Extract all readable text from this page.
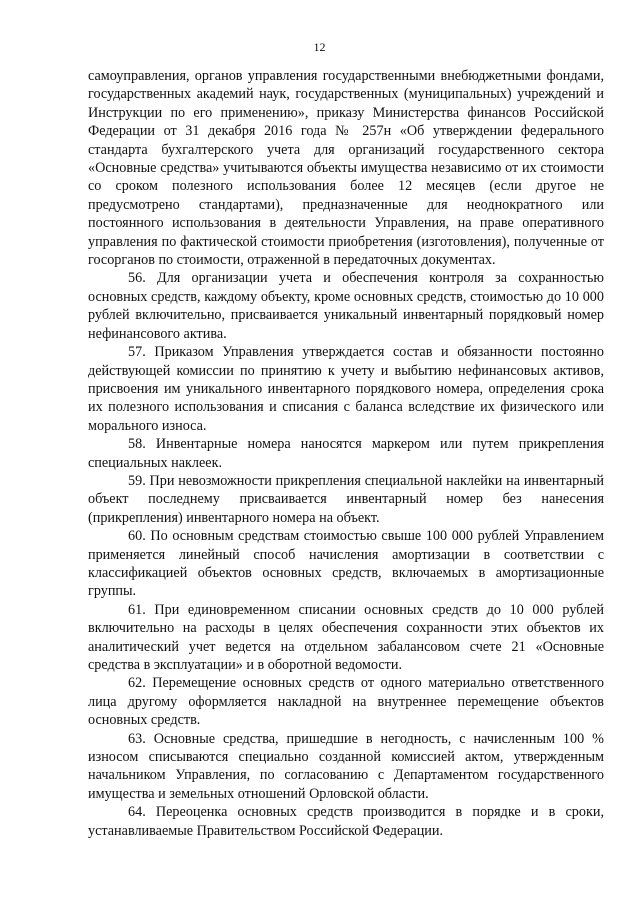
12

самоуправления, органов управления государственными внебюджетными фондами, государственных академий наук, государственных (муниципальных) учреждений и Инструкции по его применению», приказу Министерства финансов Российской Федерации от 31 декабря 2016 года № 257н «Об утверждении федерального стандарта бухгалтерского учета для организаций государственного сектора «Основные средства» учитываются объекты имущества независимо от их стоимости со сроком полезного использования более 12 месяцев (если другое не предусмотрено стандартами), предназначенные для неоднократного или постоянного использования в деятельности Управления, на праве оперативного управления по фактической стоимости приобретения (изготовления), полученные от госорганов по стоимости, отраженной в передаточных документах.

56. Для организации учета и обеспечения контроля за сохранностью основных средств, каждому объекту, кроме основных средств, стоимостью до 10 000 рублей включительно, присваивается уникальный инвентарный порядковый номер нефинансового актива.

57. Приказом Управления утверждается состав и обязанности постоянно действующей комиссии по принятию к учету и выбытию нефинансовых активов, присвоения им уникального инвентарного порядкового номера, определения срока их полезного использования и списания с баланса вследствие их физического или морального износа.

58. Инвентарные номера наносятся маркером или путем прикрепления специальных наклеек.

59. При невозможности прикрепления специальной наклейки на инвентарный объект последнему присваивается инвентарный номер без нанесения (прикрепления) инвентарного номера на объект.

60. По основным средствам стоимостью свыше 100 000 рублей Управлением применяется линейный способ начисления амортизации в соответствии с классификацией объектов основных средств, включаемых в амортизационные группы.

61. При единовременном списании основных средств до 10 000 рублей включительно на расходы в целях обеспечения сохранности этих объектов их аналитический учет ведется на отдельном забалансовом счете 21 «Основные средства в эксплуатации» и в оборотной ведомости.

62. Перемещение основных средств от одного материально ответственного лица другому оформляется накладной на внутреннее перемещение объектов основных средств.

63. Основные средства, пришедшие в негодность, с начисленным 100 % износом списываются специально созданной комиссией актом, утвержденным начальником Управления, по согласованию с Департаментом государственного имущества и земельных отношений Орловской области.

64. Переоценка основных средств производится в порядке и в сроки, устанавливаемые Правительством Российской Федерации.
